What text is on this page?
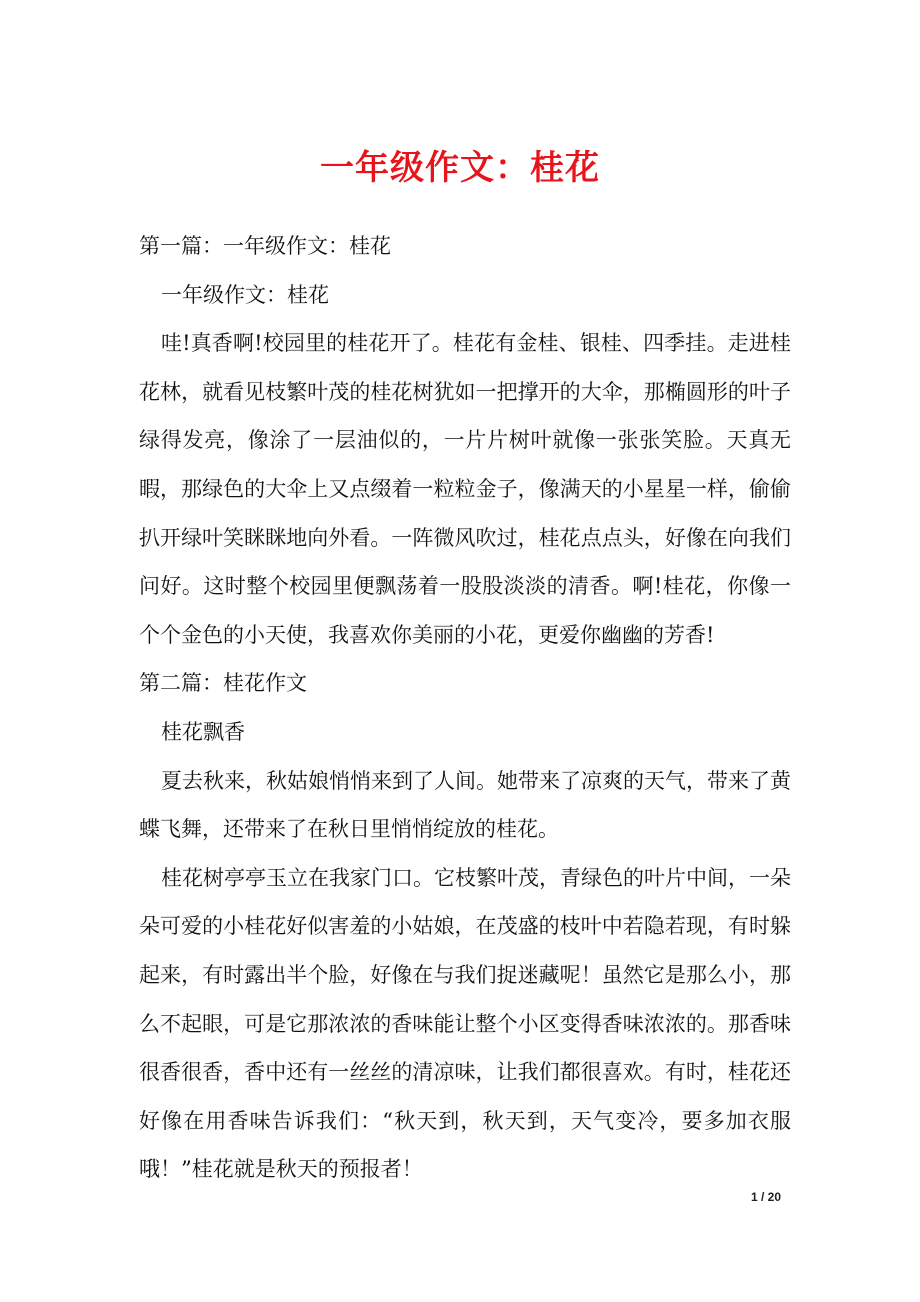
一年级作文：桂花

第一篇：一年级作文：桂花

一年级作文：桂花

哇!真香啊!校园里的桂花开了。桂花有金桂、银桂、四季挂。走进桂花林，就看见枝繁叶茂的桂花树犹如一把撑开的大伞，那椭圆形的叶子绿得发亮，像涂了一层油似的，一片片树叶就像一张张笑脸。天真无暇，那绿色的大伞上又点缀着一粒粒金子，像满天的小星星一样，偷偷扒开绿叶笑眯眯地向外看。一阵微风吹过，桂花点点头，好像在向我们问好。这时整个校园里便飘荡着一股股淡淡的清香。啊!桂花，你像一个个金色的小天使，我喜欢你美丽的小花，更爱你幽幽的芳香!

第二篇：桂花作文

桂花飘香

夏去秋来，秋姑娘悄悄来到了人间。她带来了凉爽的天气，带来了黄蝶飞舞，还带来了在秋日里悄悄绽放的桂花。

桂花树亭亭玉立在我家门口。它枝繁叶茂，青绿色的叶片中间，一朵朵可爱的小桂花好似害羞的小姑娘，在茂盛的枝叶中若隐若现，有时躲起来，有时露出半个脸，好像在与我们捉迷藏呢！虽然它是那么小，那么不起眼，可是它那浓浓的香味能让整个小区变得香味浓浓的。那香味很香很香，香中还有一丝丝的清凉味，让我们都很喜欢。有时，桂花还好像在用香味告诉我们：“秋天到，秋天到，天气变冷，要多加衣服哦！”桂花就是秋天的预报者！

1 / 20
